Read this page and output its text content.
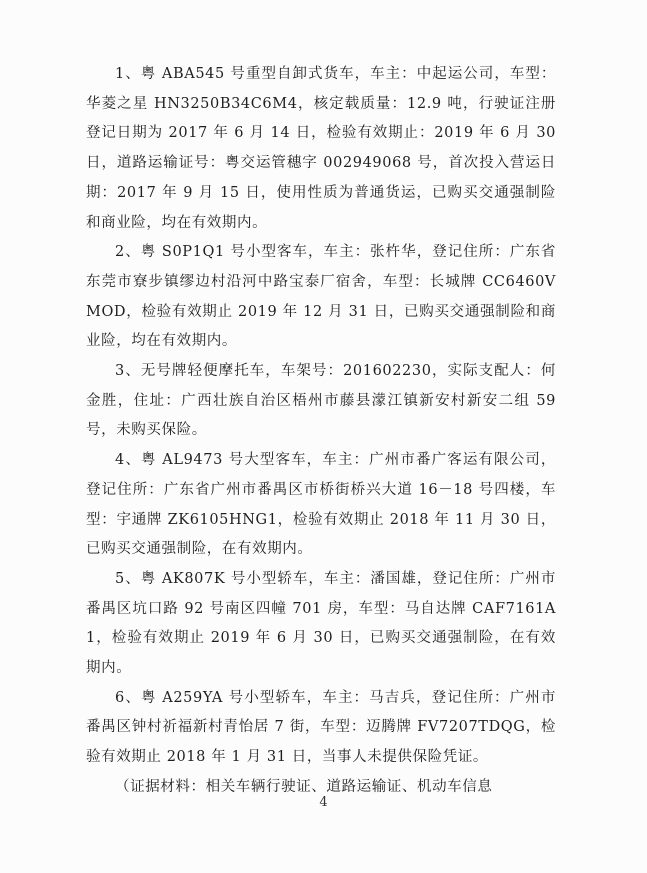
1、粤 ABA545 号重型自卸式货车，车主：中起运公司，车型：华菱之星 HN3250B34C6M4，核定载质量：12.9 吨，行驶证注册登记日期为 2017 年 6 月 14 日，检验有效期止：2019 年 6 月 30 日，道路运输证号：粤交运管穗字 002949068 号，首次投入营运日期：2017 年 9 月 15 日，使用性质为普通货运，已购买交通强制险和商业险，均在有效期内。

2、粤 S0P1Q1 号小型客车，车主：张杵华，登记住所：广东省东莞市寮步镇缪边村沿河中路宝泰厂宿舍，车型：长城牌 CC6460VMOD，检验有效期止 2019 年 12 月 31 日，已购买交通强制险和商业险，均在有效期内。

3、无号牌轻便摩托车，车架号：201602230，实际支配人：何金胜，住址：广西壮族自治区梧州市藤县濛江镇新安村新安二组 59 号，未购买保险。

4、粤 AL9473 号大型客车，车主：广州市番广客运有限公司，登记住所：广东省广州市番禺区市桥街桥兴大道 16－18 号四楼，车型：宇通牌 ZK6105HNG1，检验有效期止 2018 年 11 月 30 日，已购买交通强制险，在有效期内。

5、粤 AK807K 号小型轿车，车主：潘国雄，登记住所：广州市番禺区坑口路 92 号南区四幢 701 房，车型：马自达牌 CAF7161A1，检验有效期止 2019 年 6 月 30 日，已购买交通强制险，在有效期内。

6、粤 A259YA 号小型轿车，车主：马吉兵，登记住所：广州市番禺区钟村祈福新村青怡居 7 街，车型：迈腾牌 FV7207TDQG，检验有效期止 2018 年 1 月 31 日，当事人未提供保险凭证。

（证据材料：相关车辆行驶证、道路运输证、机动车信息

4
